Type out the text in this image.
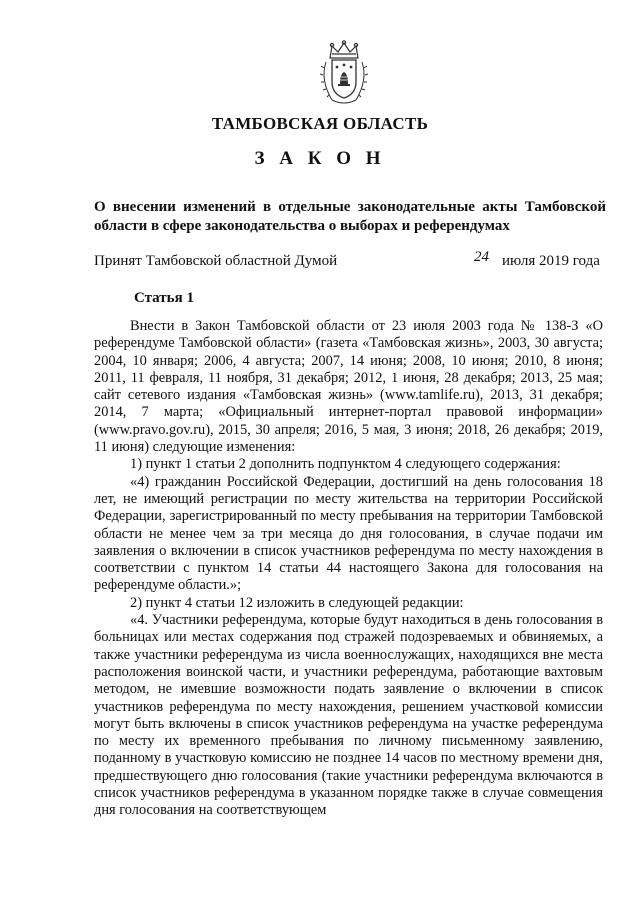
ТАМБОВСКАЯ ОБЛАСТЬ
З А К О Н
О внесении изменений в отдельные законодательные акты Тамбовской области в сфере законодательства о выборах и референдумах
Принят Тамбовской областной Думой	24 июля 2019 года
Статья 1

Внести в Закон Тамбовской области от 23 июля 2003 года № 138-З «О референдуме Тамбовской области» (газета «Тамбовская жизнь», 2003, 30 августа; 2004, 10 января; 2006, 4 августа; 2007, 14 июня; 2008, 10 июня; 2010, 8 июня; 2011, 11 февраля, 11 ноября, 31 декабря; 2012, 1 июня, 28 декабря; 2013, 25 мая; сайт сетевого издания «Тамбовская жизнь» (www.tamlife.ru), 2013, 31 декабря; 2014, 7 марта; «Официальный интернет-портал правовой информации» (www.pravo.gov.ru), 2015, 30 апреля; 2016, 5 мая, 3 июня; 2018, 26 декабря; 2019, 11 июня) следующие изменения:

1) пункт 1 статьи 2 дополнить подпунктом 4 следующего содержания:

«4) гражданин Российской Федерации, достигший на день голосования 18 лет, не имеющий регистрации по месту жительства на территории Российской Федерации, зарегистрированный по месту пребывания на территории Тамбовской области не менее чем за три месяца до дня голосования, в случае подачи им заявления о включении в список участников референдума по месту нахождения в соответствии с пунктом 14 статьи 44 настоящего Закона для голосования на референдуме области.»;

2) пункт 4 статьи 12 изложить в следующей редакции:

«4. Участники референдума, которые будут находиться в день голосования в больницах или местах содержания под стражей подозреваемых и обвиняемых, а также участники референдума из числа военнослужащих, находящихся вне места расположения воинской части, и участники референдума, работающие вахтовым методом, не имевшие возможности подать заявление о включении в список участников референдума по месту нахождения, решением участковой комиссии могут быть включены в список участников референдума на участке референдума по месту их временного пребывания по личному письменному заявлению, поданному в участковую комиссию не позднее 14 часов по местному времени дня, предшествующего дню голосования (такие участники референдума включаются в список участников референдума в указанном порядке также в случае совмещения дня голосования на соответствующем
